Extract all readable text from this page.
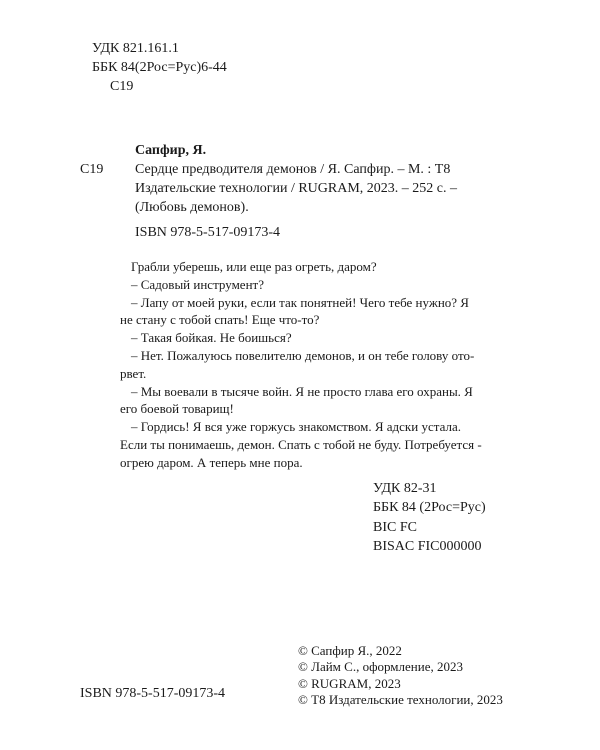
УДК 821.161.1
ББК 84(2Рос=Рус)6-44
С19
Сапфир, Я.
С19 Сердце предводителя демонов / Я. Сапфир. – М. : Т8
Издательские технологии / RUGRAM, 2023. – 252 с. –
(Любовь демонов).
ISBN 978-5-517-09173-4
Грабли уберешь, или еще раз огреть, даром?
– Садовый инструмент?
– Лапу от моей руки, если так понятней! Чего тебе нужно? Я
не стану с тобой спать! Еще что-то?
– Такая бойкая. Не боишься?
– Нет. Пожалуюсь повелителю демонов, и он тебе голову ото-
рвет.
– Мы воевали в тысяче войн. Я не просто глава его охраны. Я
его боевой товарищ!
– Гордись! Я вся уже горжусь знакомством. Я адски устала.
Если ты понимаешь, демон. Спать с тобой не буду. Потребуется -
огрею даром. А теперь мне пора.
УДК 82-31
ББК 84 (2Рос=Рус)
BIC FC
BISAC FIC000000
ISBN 978-5-517-09173-4
© Сапфир Я., 2022
© Лайм С., оформление, 2023
© RUGRAM, 2023
© Т8 Издательские технологии, 2023
